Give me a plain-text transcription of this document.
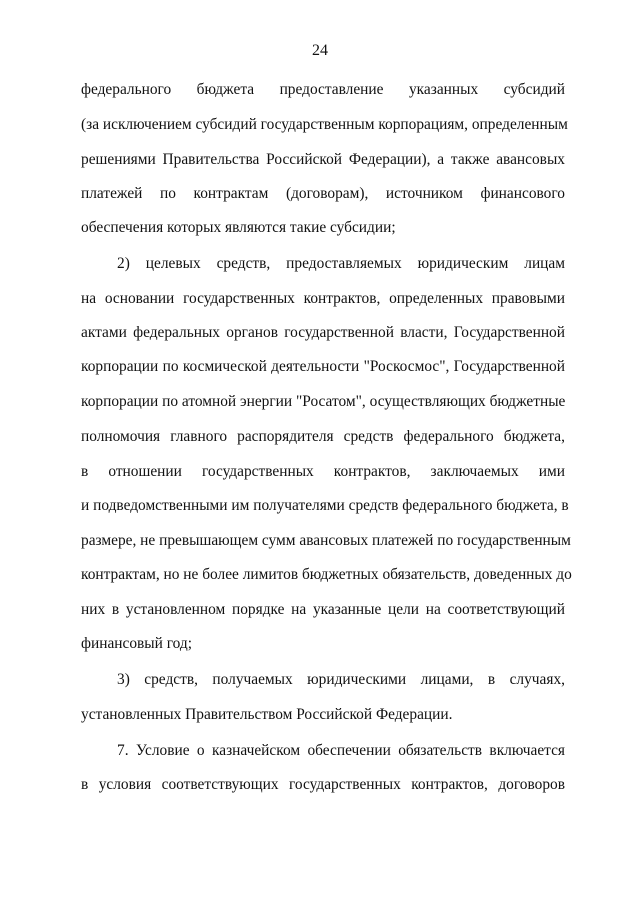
24
федерального бюджета предоставление указанных субсидий
(за исключением субсидий государственным корпорациям, определенным
решениями Правительства Российской Федерации), а также авансовых
платежей по контрактам (договорам), источником финансового
обеспечения которых являются такие субсидии;
2) целевых средств, предоставляемых юридическим лицам
на основании государственных контрактов, определенных правовыми
актами федеральных органов государственной власти, Государственной
корпорации по космической деятельности "Роскосмос", Государственной
корпорации по атомной энергии "Росатом", осуществляющих бюджетные
полномочия главного распорядителя средств федерального бюджета,
в отношении государственных контрактов, заключаемых ими
и подведомственными им получателями средств федерального бюджета, в
размере, не превышающем сумм авансовых платежей по государственным
контрактам, но не более лимитов бюджетных обязательств, доведенных до
них в установленном порядке на указанные цели на соответствующий
финансовый год;
3) средств, получаемых юридическими лицами, в случаях,
установленных Правительством Российской Федерации.
7. Условие о казначейском обеспечении обязательств включается
в условия соответствующих государственных контрактов, договоров
